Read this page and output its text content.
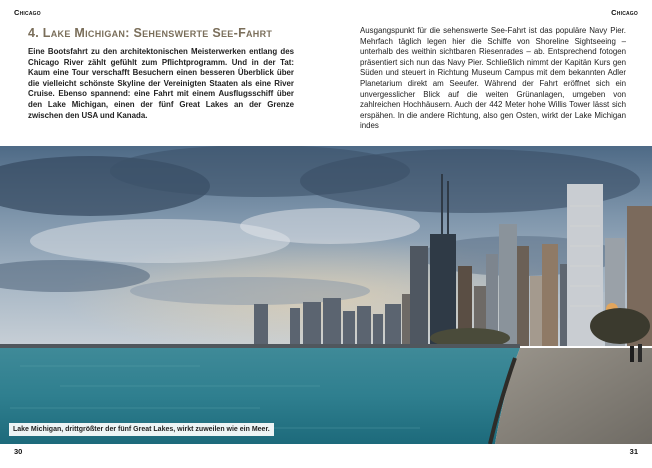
Chicago	Chicago
4. Lake Michigan: Sehenswerte See-Fahrt

Eine Bootsfahrt zu den architektonischen Meisterwerken entlang des Chicago River zählt gefühlt zum Pflichtprogramm. Und in der Tat: Kaum eine Tour verschafft Besuchern einen besseren Überblick über die vielleicht schönste Skyline der Vereinigten Staaten als eine River Cruise. Ebenso spannend: eine Fahrt mit einem Ausflugsschiff über den Lake Michigan, einen der fünf Great Lakes an der Grenze zwischen den USA und Kanada.

Ausgangspunkt für die sehenswerte See-Fahrt ist das populäre Navy Pier. Mehrfach täglich legen hier die Schiffe von Shoreline Sightseeing – unterhalb des weithin sichtbaren Riesenrades – ab. Entsprechend fotogen präsentiert sich nun das Navy Pier. Schließlich nimmt der Kapitän Kurs gen Süden und steuert in Richtung Museum Campus mit dem bekannten Adler Planetarium direkt am Seeufer. Während der Fahrt eröffnet sich ein unvergesslicher Blick auf die weiten Grünanlagen, umgeben von zahlreichen Hochhäusern. Auch der 442 Meter hohe Willis Tower lässt sich erspähen. In die andere Richtung, also gen Osten, wirkt der Lake Michigan indes

Lake Michigan, drittgrößter der fünf Great Lakes, wirkt zuweilen wie ein Meer.
30	31
